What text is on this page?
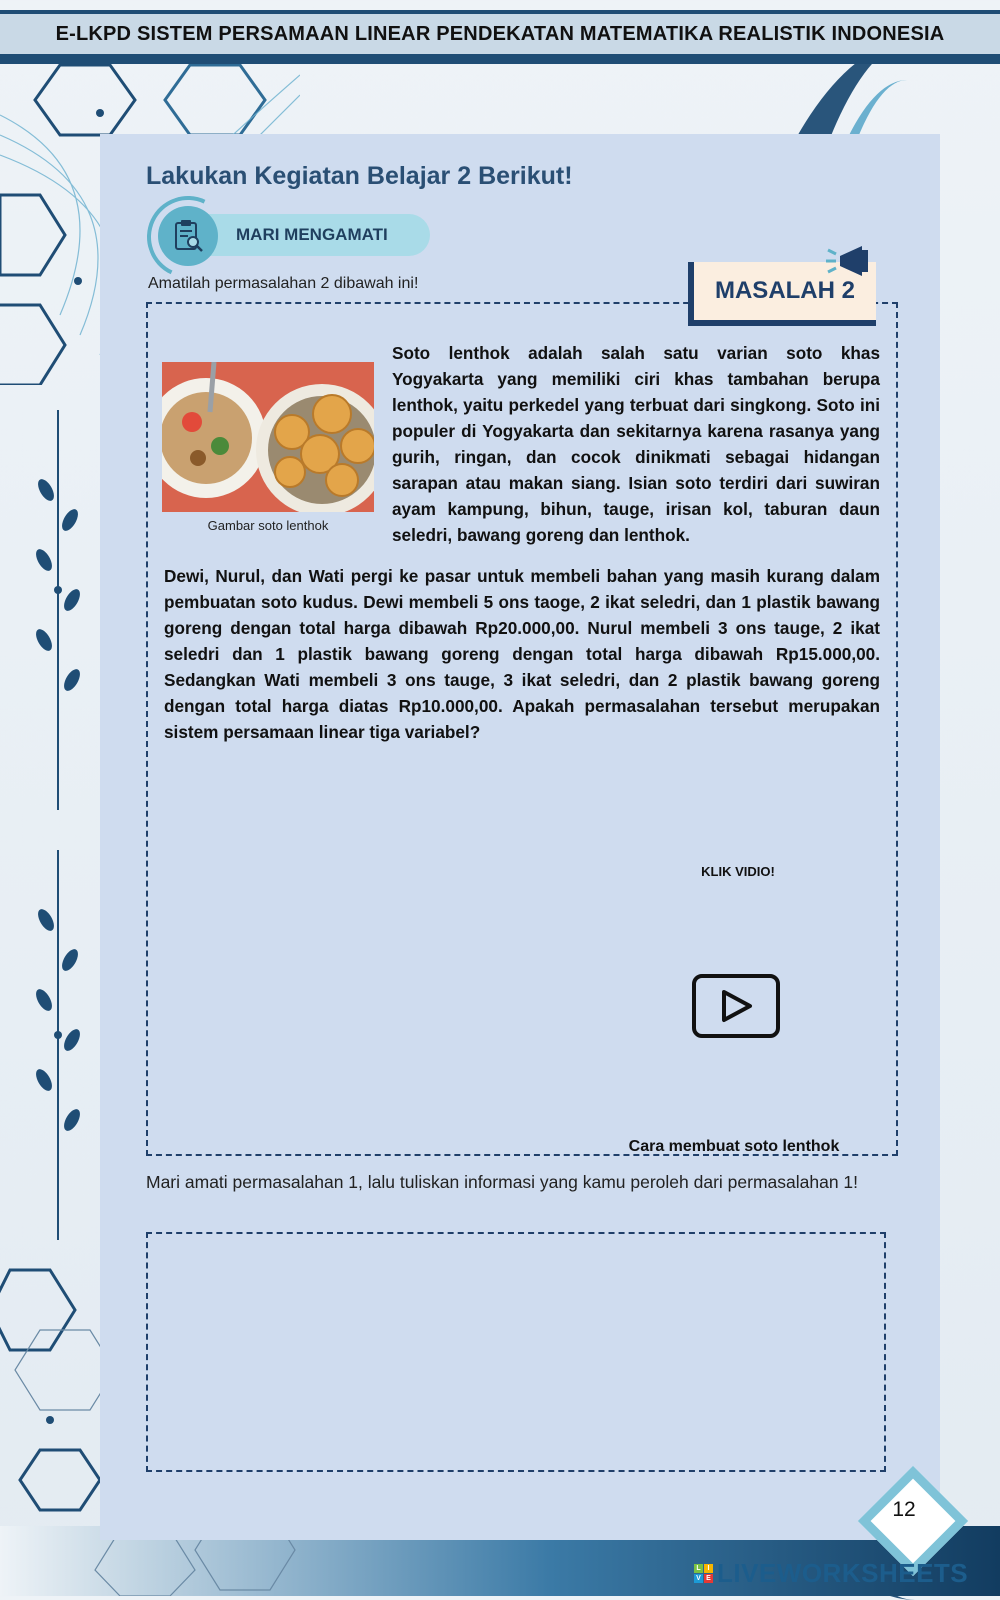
E-LKPD SISTEM PERSAMAAN LINEAR PENDEKATAN MATEMATIKA REALISTIK INDONESIA
Lakukan Kegiatan Belajar 2 Berikut!
MARI MENGAMATI
Amatilah permasalahan 2 dibawah ini!	MASALAH 2
Gambar soto lenthok
Soto lenthok adalah salah satu varian soto khas Yogyakarta yang memiliki ciri khas tambahan berupa lenthok, yaitu perkedel yang terbuat dari singkong. Soto ini populer di Yogyakarta dan sekitarnya karena rasanya yang gurih, ringan, dan cocok dinikmati sebagai hidangan sarapan atau makan siang. Isian soto terdiri dari suwiran ayam kampung, bihun, tauge, irisan kol, taburan daun seledri, bawang goreng dan lenthok.
Dewi, Nurul, dan Wati pergi ke pasar untuk membeli bahan yang masih kurang dalam pembuatan soto kudus. Dewi membeli 5 ons taoge, 2 ikat seledri, dan 1 plastik bawang goreng dengan total harga dibawah Rp20.000,00. Nurul membeli 3 ons tauge, 2 ikat seledri dan 1 plastik bawang goreng dengan total harga dibawah Rp15.000,00. Sedangkan Wati membeli 3 ons tauge, 3 ikat seledri, dan 2 plastik bawang goreng dengan total harga diatas Rp10.000,00. Apakah permasalahan tersebut merupakan sistem persamaan linear tiga variabel?
KLIK VIDIO!
Cara membuat soto lenthok
Mari amati permasalahan 1, lalu tuliskan informasi yang kamu peroleh dari permasalahan 1!
12
L I
V E LIVEWORKSHEETS
